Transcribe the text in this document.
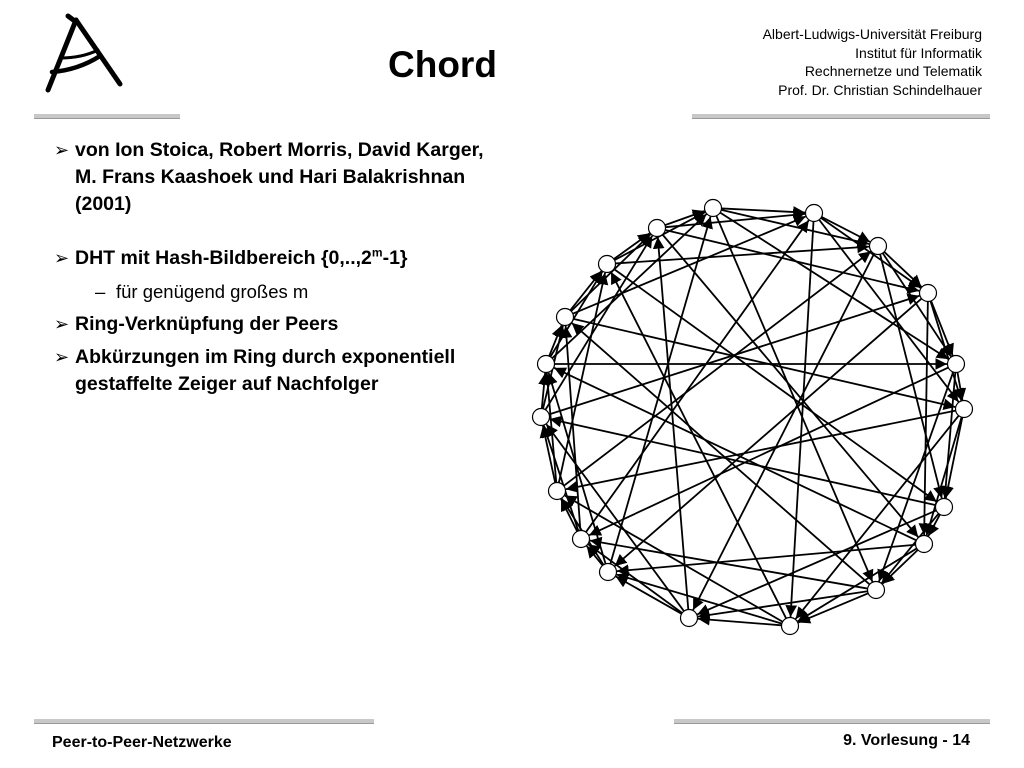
Chord
Albert-Ludwigs-Universität Freiburg
Institut für Informatik
Rechnernetze und Telematik
Prof. Dr. Christian Schindelhauer
➢ von Ion Stoica, Robert Morris, David Karger, M. Frans Kaashoek und Hari Balakrishnan (2001)
➢ DHT mit Hash-Bildbereich {0,..,2$^m$-1}
– für genügend großes m
➢ Ring-Verknüpfung der Peers
➢ Abkürzungen im Ring durch exponentiell gestaffelte Zeiger auf Nachfolger
Peer-to-Peer-Netzwerke	9. Vorlesung - 14
